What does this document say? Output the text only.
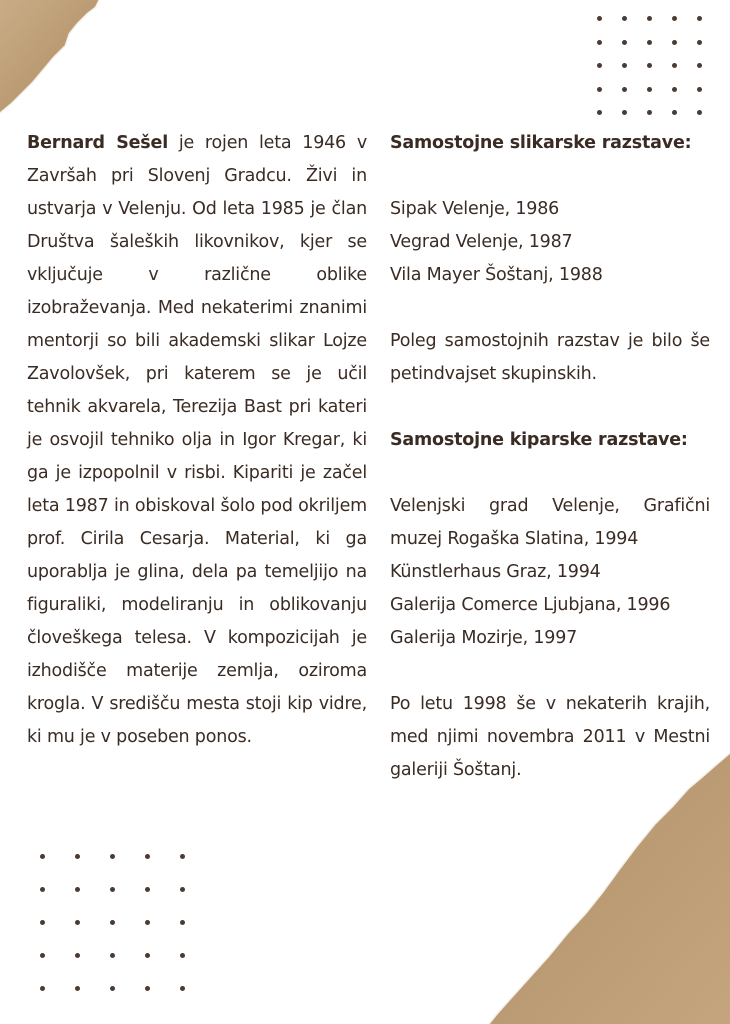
Bernard Sešel je rojen leta 1946 v Završah pri Slovenj Gradcu. Živi in ustvarja v Velenju. Od leta 1985 je član Društva šaleških likovnikov, kjer se vključuje v različne oblike izobraževanja. Med nekaterimi znanimi mentorji so bili akademski slikar Lojze Zavolovšek, pri katerem se je učil tehnik akvarela, Terezija Bast pri kateri je osvojil tehniko olja in Igor Kregar, ki ga je izpopolnil v risbi. Kipariti je začel leta 1987 in obiskoval šolo pod okriljem prof. Cirila Cesarja. Material, ki ga uporablja je glina, dela pa temeljijo na figuraliki, modeliranju in oblikovanju človeškega telesa. V kompozicijah je izhodišče materije zemlja, oziroma krogla. V središču mesta stoji kip vidre, ki mu je v poseben ponos.

Samostojne slikarske razstave:

Sipak Velenje, 1986
Vegrad Velenje, 1987
Vila Mayer Šoštanj, 1988

Poleg samostojnih razstav je bilo še petindvajset skupinskih.

Samostojne kiparske razstave:

Velenjski grad Velenje, Grafični muzej Rogaška Slatina, 1994
Künstlerhaus Graz, 1994
Galerija Comerce Ljubjana, 1996
Galerija Mozirje, 1997

Po letu 1998 še v nekaterih krajih, med njimi novembra 2011 v Mestni galeriji Šoštanj.
